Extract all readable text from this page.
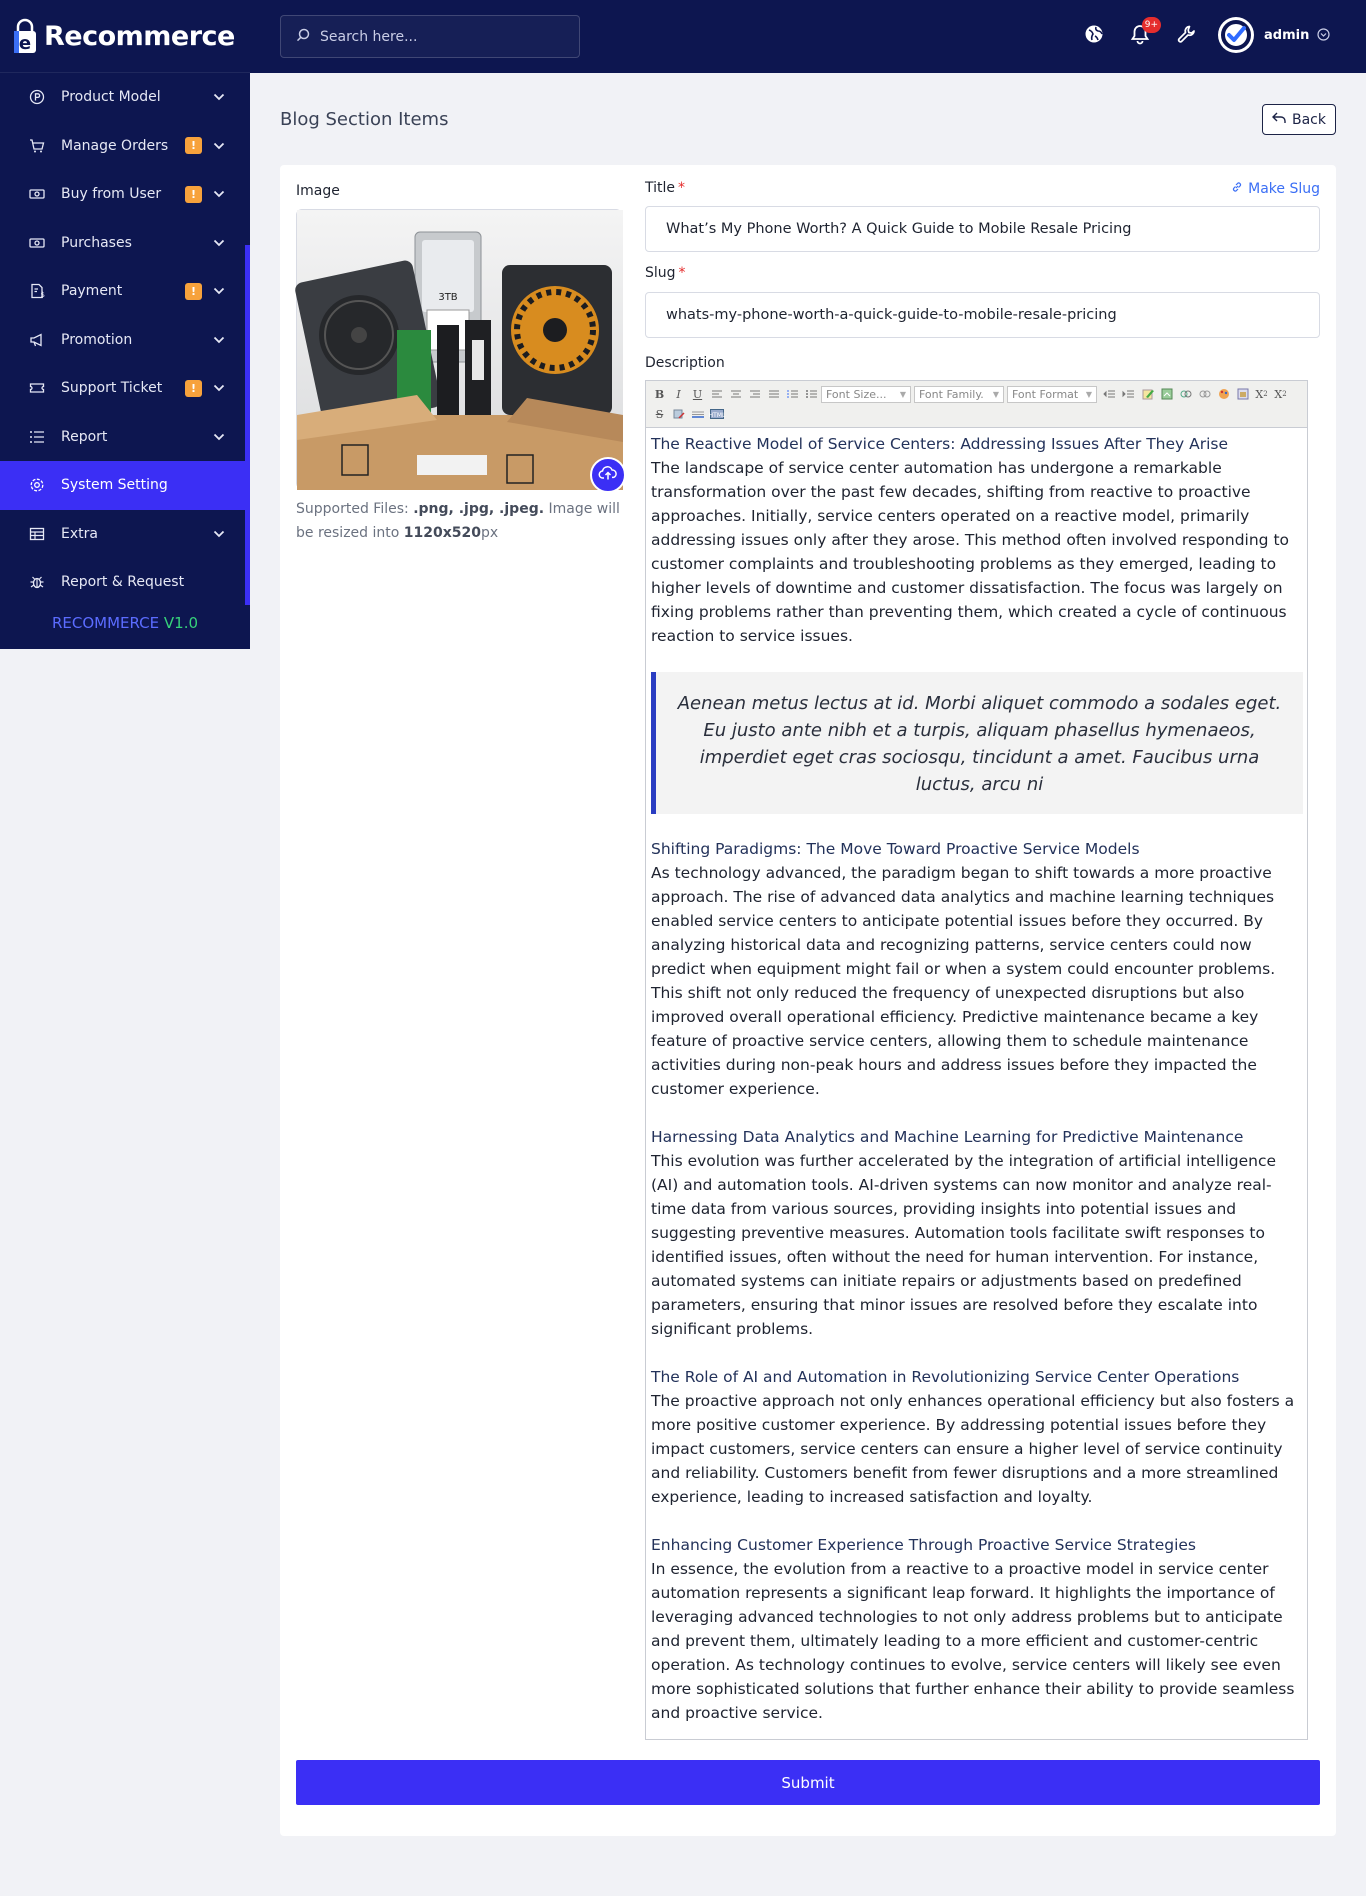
e Recommerce
Product Model
Manage Orders	!
Buy from User	!
Purchases
$ Payment	!
Promotion
Support Ticket	!
Report
System Setting
Extra
Report & Request
RECOMMERCE V1.0
Search here...
9+
admin
Blog Section Items	Back
Image
3TB
Supported Files: .png, .jpg, .jpeg. Image will be resized into 1120x520px
Title *	Make Slug
What’s My Phone Worth? A Quick Guide to Mobile Resale Pricing
Slug *
whats-my-phone-worth-a-quick-guide-to-mobile-resale-pricing
Description
B	I	U	Font Size... ▼ Font Family. ▼ Font Format ▼	X 2 X 2
S	HTML
The Reactive Model of Service Centers: Addressing Issues After They Arise

The landscape of service center automation has undergone a remarkable transformation over the past few decades, shifting from reactive to proactive approaches. Initially, service centers operated on a reactive model, primarily addressing issues only after they arose. This method often involved responding to customer complaints and troubleshooting problems as they emerged, leading to higher levels of downtime and customer dissatisfaction. The focus was largely on fixing problems rather than preventing them, which created a cycle of continuous reaction to service issues.

Aenean metus lectus at id. Morbi aliquet commodo a sodales eget. Eu justo ante nibh et a turpis, aliquam phasellus hymenaeos, imperdiet eget cras sociosqu, tincidunt a amet. Faucibus urna luctus, arcu ni
Shifting Paradigms: The Move Toward Proactive Service Models

As technology advanced, the paradigm began to shift towards a more proactive approach. The rise of advanced data analytics and machine learning techniques enabled service centers to anticipate potential issues before they occurred. By analyzing historical data and recognizing patterns, service centers could now predict when equipment might fail or when a system could encounter problems. This shift not only reduced the frequency of unexpected disruptions but also improved overall operational efficiency. Predictive maintenance became a key feature of proactive service centers, allowing them to schedule maintenance activities during non-peak hours and address issues before they impacted the customer experience.

Harnessing Data Analytics and Machine Learning for Predictive Maintenance

This evolution was further accelerated by the integration of artificial intelligence (AI) and automation tools. AI-driven systems can now monitor and analyze real-time data from various sources, providing insights into potential issues and suggesting preventive measures. Automation tools facilitate swift responses to identified issues, often without the need for human intervention. For instance, automated systems can initiate repairs or adjustments based on predefined parameters, ensuring that minor issues are resolved before they escalate into significant problems.

The Role of AI and Automation in Revolutionizing Service Center Operations

The proactive approach not only enhances operational efficiency but also fosters a more positive customer experience. By addressing potential issues before they impact customers, service centers can ensure a higher level of service continuity and reliability. Customers benefit from fewer disruptions and a more streamlined experience, leading to increased satisfaction and loyalty.

Enhancing Customer Experience Through Proactive Service Strategies

In essence, the evolution from a reactive to a proactive model in service center automation represents a significant leap forward. It highlights the importance of leveraging advanced technologies to not only address problems but to anticipate and prevent them, ultimately leading to a more efficient and customer-centric operation. As technology continues to evolve, service centers will likely see even more sophisticated solutions that further enhance their ability to provide seamless and proactive service.

Submit
